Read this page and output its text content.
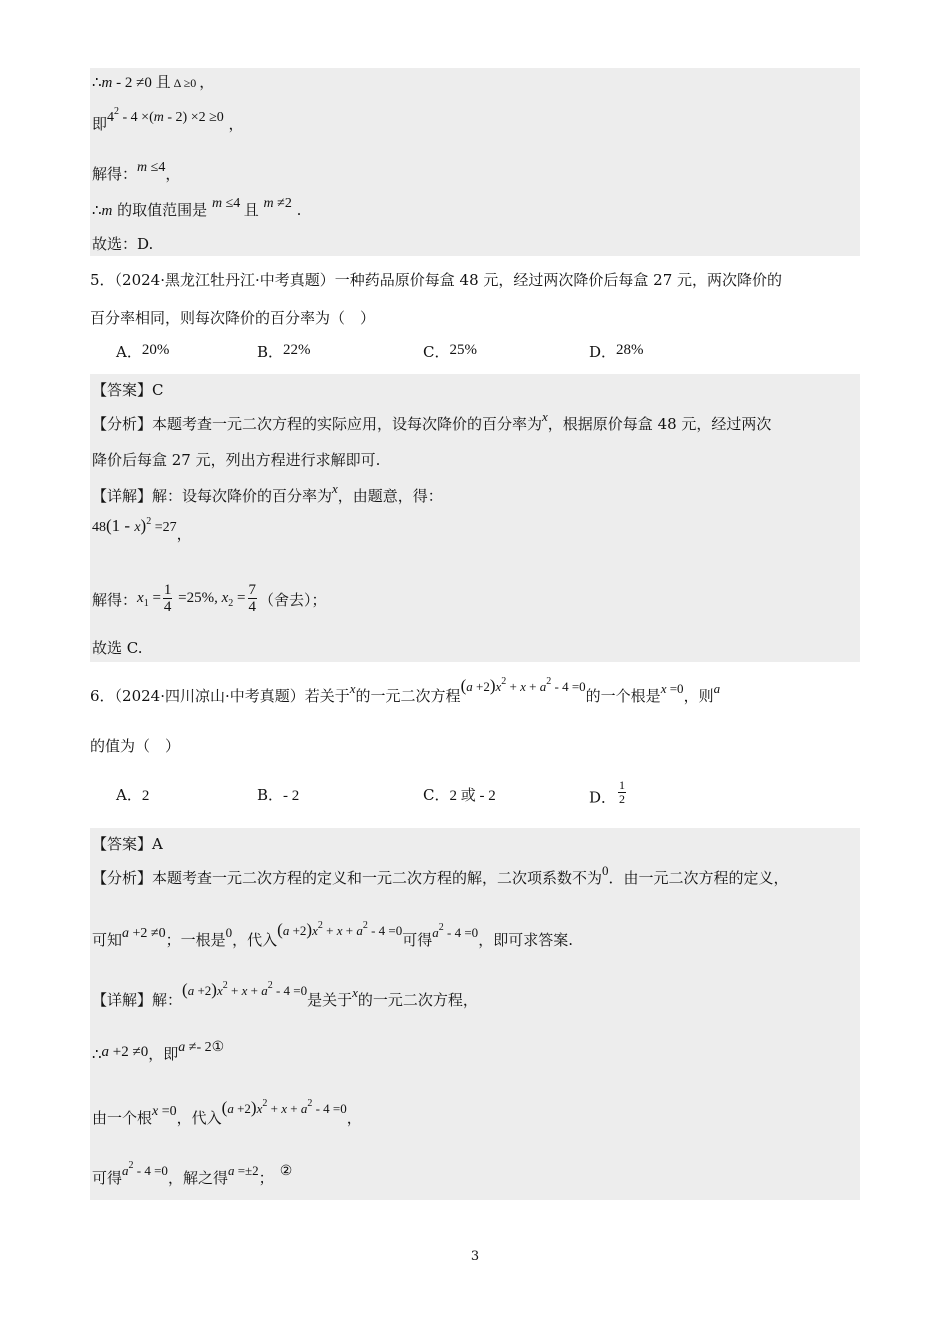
∴m - 2 ≠0 且 Δ ≥0 ，
即$4^2 - 4 \times(m - 2) \times 2 \ge 0$ ，
解得：m ≤4，
∴m 的取值范围是 m ≤4 且 m ≠2 .
故选：D.
5．（2024·黑龙江牡丹江·中考真题）一种药品原价每盒 48 元，经过两次降价后每盒 27 元，两次降价的
百分率相同，则每次降价的百分率为（　）
A．20%	B．22%	C．25%	D．28%
【答案】C
【分析】本题考查一元二次方程的实际应用，设每次降价的百分率为x，根据原价每盒 48 元，经过两次
降价后每盒 27 元，列出方程进行求解即可.
【详解】解：设每次降价的百分率为x，由题意，得：
48(1 - x)$^2$ =27，
解得：$x_1 = \frac{1}{4} =25\%$, $x_2 = \frac{7}{4}$ （舍去）；
故选 C.
6．（2024·四川凉山·中考真题）若关于x的一元二次方程$(a +2)x^2 + x + a^2 - 4 =0$的一个根是x =0，则a
的值为（　）
A．2	B．- 2	C．2 或 - 2	D． $\frac{1}{2}$
【答案】A
【分析】本题考查一元二次方程的定义和一元二次方程的解，二次项系数不为0．由一元二次方程的定义，
可知a +2 ≠0；一根是0，代入$(a +2)x^2 + x + a^2 - 4 =0$可得$a^2 - 4 =0$，即可求答案.
【详解】解：$(a +2)x^2 + x + a^2 - 4 =0$是关于x的一元二次方程，
∴a +2 ≠0，即a ≠- 2①
由一个根x =0，代入$(a +2)x^2 + x + a^2 - 4 =0$，
可得$a^2 - 4 =0$，解之得a =±2； ②
3
